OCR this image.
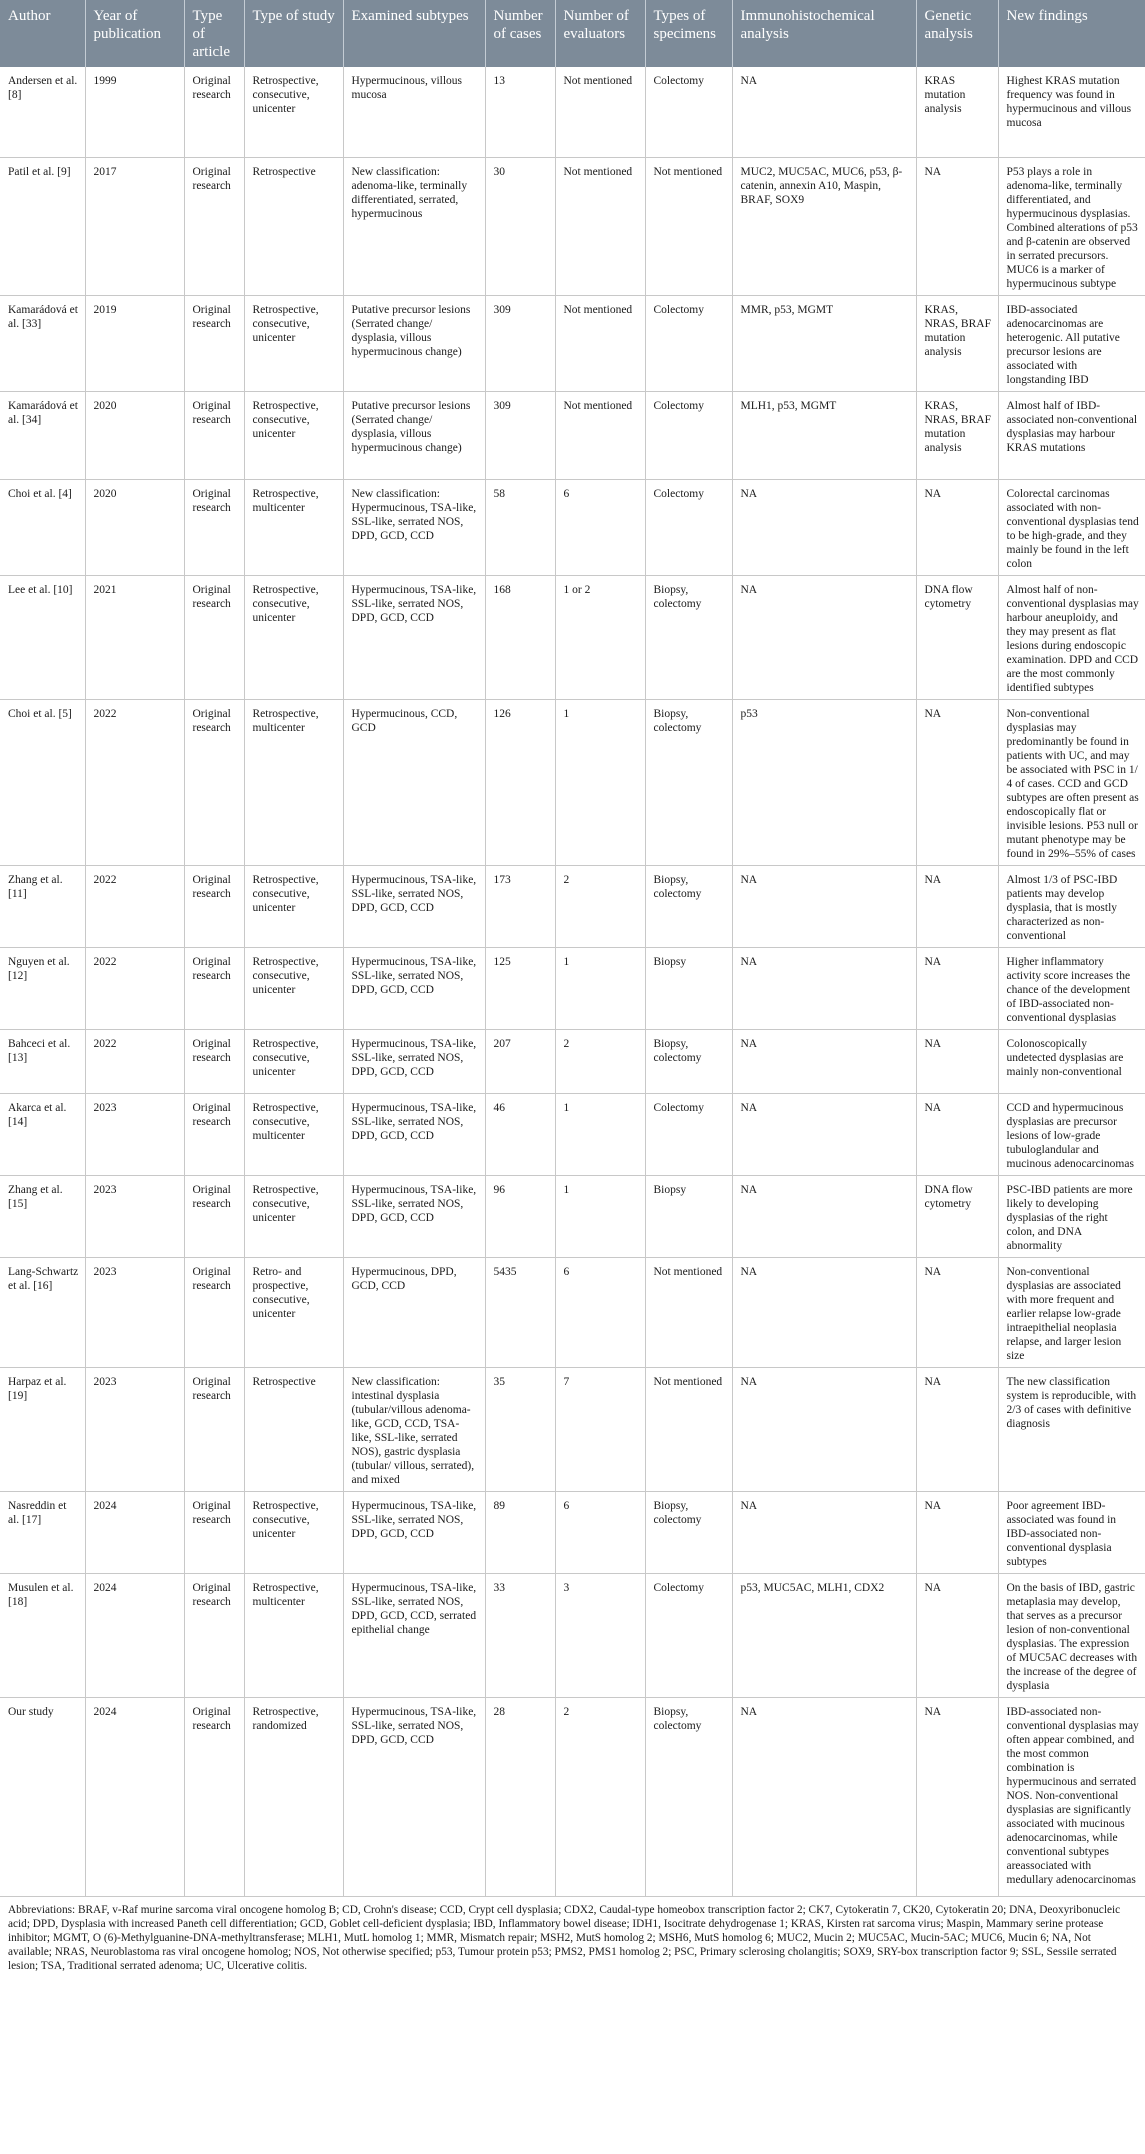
Author	Year of publication	Type of article	Type of study	Examined subtypes	Number of cases	Number of evaluators	Types of specimens	Immunohistochemical analysis	Genetic analysis	New findings
Andersen et al. [8]	1999	Original research	Retrospective, consecutive, unicenter	Hypermucinous, villous mucosa	13	Not mentioned	Colectomy	NA	KRAS mutation analysis	Highest KRAS mutation frequency was found in hypermucinous and villous mucosa
Patil et al. [9]	2017	Original research	Retrospective	New classification: adenoma-like, terminally differentiated, serrated, hypermucinous	30	Not mentioned	Not mentioned	MUC2, MUC5AC, MUC6, p53, β-catenin, annexin A10, Maspin, BRAF, SOX9	NA	P53 plays a role in adenoma-like, terminally differentiated, and hypermucinous dysplasias. Combined alterations of p53 and β-catenin are observed in serrated precursors. MUC6 is a marker of hypermucinous subtype
Kamarádová et al. [33]	2019	Original research	Retrospective, consecutive, unicenter	Putative precursor lesions (Serrated change/ dysplasia, villous hypermucinous change)	309	Not mentioned	Colectomy	MMR, p53, MGMT	KRAS, NRAS, BRAF mutation analysis	IBD-associated adenocarcinomas are heterogenic. All putative precursor lesions are associated with longstanding IBD
Kamarádová et al. [34]	2020	Original research	Retrospective, consecutive, unicenter	Putative precursor lesions (Serrated change/ dysplasia, villous hypermucinous change)	309	Not mentioned	Colectomy	MLH1, p53, MGMT	KRAS, NRAS, BRAF mutation analysis	Almost half of IBD-associated non-conventional dysplasias may harbour KRAS mutations
Choi et al. [4]	2020	Original research	Retrospective, multicenter	New classification: Hypermucinous, TSA-like, SSL-like, serrated NOS, DPD, GCD, CCD	58	6	Colectomy	NA	NA	Colorectal carcinomas associated with non-conventional dysplasias tend to be high-grade, and they mainly be found in the left colon
Lee et al. [10]	2021	Original research	Retrospective, consecutive, unicenter	Hypermucinous, TSA-like, SSL-like, serrated NOS, DPD, GCD, CCD	168	1 or 2	Biopsy, colectomy	NA	DNA flow cytometry	Almost half of non-conventional dysplasias may harbour aneuploidy, and they may present as flat lesions during endoscopic examination. DPD and CCD are the most commonly identified subtypes
Choi et al. [5]	2022	Original research	Retrospective, multicenter	Hypermucinous, CCD, GCD	126	1	Biopsy, colectomy	p53	NA	Non-conventional dysplasias may predominantly be found in patients with UC, and may be associated with PSC in 1/ 4 of cases. CCD and GCD subtypes are often present as endoscopically flat or invisible lesions. P53 null or mutant phenotype may be found in 29%–55% of cases
Zhang et al. [11]	2022	Original research	Retrospective, consecutive, unicenter	Hypermucinous, TSA-like, SSL-like, serrated NOS, DPD, GCD, CCD	173	2	Biopsy, colectomy	NA	NA	Almost 1/3 of PSC-IBD patients may develop dysplasia, that is mostly characterized as non-conventional
Nguyen et al. [12]	2022	Original research	Retrospective, consecutive, unicenter	Hypermucinous, TSA-like, SSL-like, serrated NOS, DPD, GCD, CCD	125	1	Biopsy	NA	NA	Higher inflammatory activity score increases the chance of the development of IBD-associated non-conventional dysplasias
Bahceci et al. [13]	2022	Original research	Retrospective, consecutive, unicenter	Hypermucinous, TSA-like, SSL-like, serrated NOS, DPD, GCD, CCD	207	2	Biopsy, colectomy	NA	NA	Colonoscopically undetected dysplasias are mainly non-conventional
Akarca et al. [14]	2023	Original research	Retrospective, consecutive, multicenter	Hypermucinous, TSA-like, SSL-like, serrated NOS, DPD, GCD, CCD	46	1	Colectomy	NA	NA	CCD and hypermucinous dysplasias are precursor lesions of low-grade tubuloglandular and mucinous adenocarcinomas
Zhang et al. [15]	2023	Original research	Retrospective, consecutive, unicenter	Hypermucinous, TSA-like, SSL-like, serrated NOS, DPD, GCD, CCD	96	1	Biopsy	NA	DNA flow cytometry	PSC-IBD patients are more likely to developing dysplasias of the right colon, and DNA abnormality
Lang-Schwartz et al. [16]	2023	Original research	Retro- and prospective, consecutive, unicenter	Hypermucinous, DPD, GCD, CCD	5435	6	Not mentioned	NA	NA	Non-conventional dysplasias are associated with more frequent and earlier relapse low-grade intraepithelial neoplasia relapse, and larger lesion size
Harpaz et al. [19]	2023	Original research	Retrospective	New classification: intestinal dysplasia (tubular/villous adenoma-like, GCD, CCD, TSA-like, SSL-like, serrated NOS), gastric dysplasia (tubular/ villous, serrated), and mixed	35	7	Not mentioned	NA	NA	The new classification system is reproducible, with 2/3 of cases with definitive diagnosis
Nasreddin et al. [17]	2024	Original research	Retrospective, consecutive, unicenter	Hypermucinous, TSA-like, SSL-like, serrated NOS, DPD, GCD, CCD	89	6	Biopsy, colectomy	NA	NA	Poor agreement IBD-associated was found in IBD-associated non-conventional dysplasia subtypes
Musulen et al. [18]	2024	Original research	Retrospective, multicenter	Hypermucinous, TSA-like, SSL-like, serrated NOS, DPD, GCD, CCD, serrated epithelial change	33	3	Colectomy	p53, MUC5AC, MLH1, CDX2	NA	On the basis of IBD, gastric metaplasia may develop, that serves as a precursor lesion of non-conventional dysplasias. The expression of MUC5AC decreases with the increase of the degree of dysplasia
Our study	2024	Original research	Retrospective, randomized	Hypermucinous, TSA-like, SSL-like, serrated NOS, DPD, GCD, CCD	28	2	Biopsy, colectomy	NA	NA	IBD-associated non-conventional dysplasias may often appear combined, and the most common combination is hypermucinous and serrated NOS. Non-conventional dysplasias are significantly associated with mucinous adenocarcinomas, while conventional subtypes areassociated with medullary adenocarcinomas
Abbreviations: BRAF, v-Raf murine sarcoma viral oncogene homolog B; CD, Crohn's disease; CCD, Crypt cell dysplasia; CDX2, Caudal-type homeobox transcription factor 2; CK7, Cytokeratin 7, CK20, Cytokeratin 20; DNA, Deoxyribonucleic acid; DPD, Dysplasia with increased Paneth cell differentiation; GCD, Goblet cell-deficient dysplasia; IBD, Inflammatory bowel disease; IDH1, Isocitrate dehydrogenase 1; KRAS, Kirsten rat sarcoma virus; Maspin, Mammary serine protease inhibitor; MGMT, O (6)-Methylguanine-DNA-methyltransferase; MLH1, MutL homolog 1; MMR, Mismatch repair; MSH2, MutS homolog 2; MSH6, MutS homolog 6; MUC2, Mucin 2; MUC5AC, Mucin-5AC; MUC6, Mucin 6; NA, Not available; NRAS, Neuroblastoma ras viral oncogene homolog; NOS, Not otherwise specified; p53, Tumour protein p53; PMS2, PMS1 homolog 2; PSC, Primary sclerosing cholangitis; SOX9, SRY-box transcription factor 9; SSL, Sessile serrated lesion; TSA, Traditional serrated adenoma; UC, Ulcerative colitis.
